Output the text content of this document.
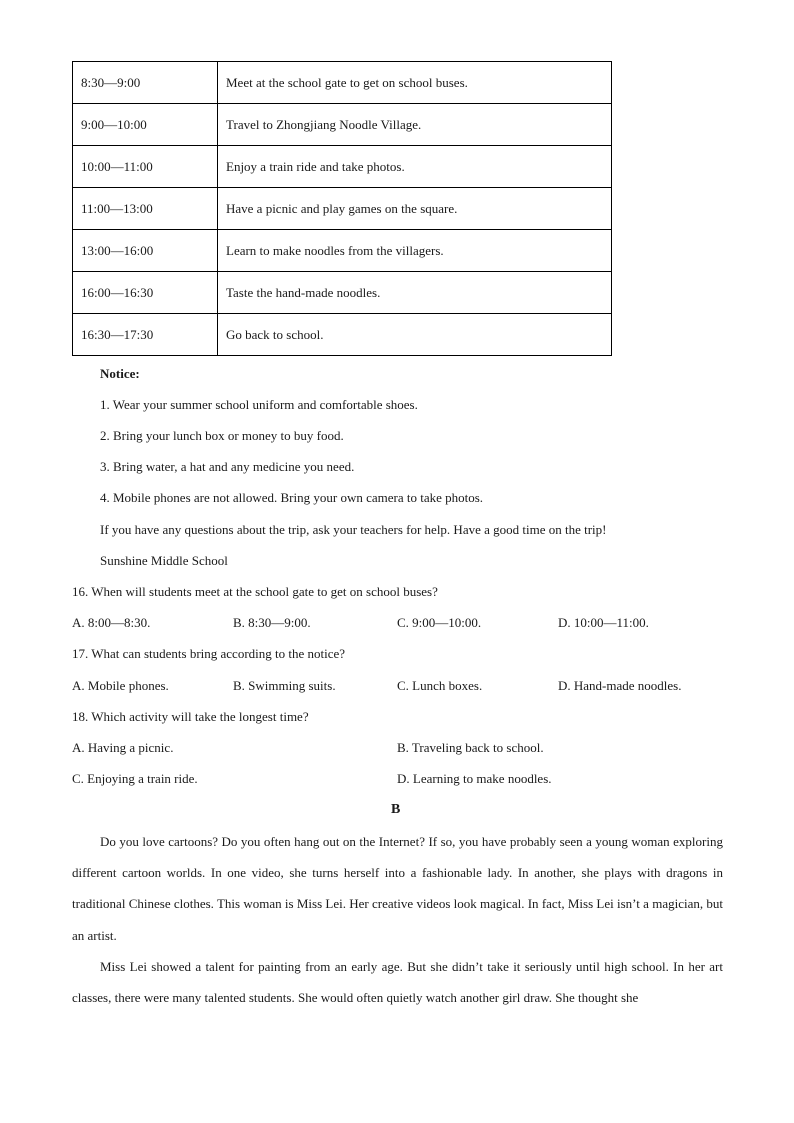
8:30—9:00	Meet at the school gate to get on school buses.
9:00—10:00	Travel to Zhongjiang Noodle Village.
10:00—11:00	Enjoy a train ride and take photos.
11:00—13:00	Have a picnic and play games on the square.
13:00—16:00	Learn to make noodles from the villagers.
16:00—16:30	Taste the hand-made noodles.
16:30—17:30	Go back to school.
Notice:
1. Wear your summer school uniform and comfortable shoes.
2. Bring your lunch box or money to buy food.
3. Bring water, a hat and any medicine you need.
4. Mobile phones are not allowed. Bring your own camera to take photos.
If you have any questions about the trip, ask your teachers for help. Have a good time on the trip!
Sunshine Middle School
16. When will students meet at the school gate to get on school buses?
A. 8:00—8:30.	B. 8:30—9:00.	C. 9:00—10:00.	D. 10:00—11:00.
17. What can students bring according to the notice?
A. Mobile phones.	B. Swimming suits.	C. Lunch boxes.	D. Hand-made noodles.
18. Which activity will take the longest time?
A. Having a picnic.	B. Traveling back to school.
C. Enjoying a train ride.	D. Learning to make noodles.
B
Do you love cartoons? Do you often hang out on the Internet? If so, you have probably seen a young woman exploring different cartoon worlds. In one video, she turns herself into a fashionable lady. In another, she plays with dragons in traditional Chinese clothes. This woman is Miss Lei. Her creative videos look magical. In fact, Miss Lei isn’t a magician, but an artist.
Miss Lei showed a talent for painting from an early age. But she didn’t take it seriously until high school. In her art classes, there were many talented students. She would often quietly watch another girl draw. She thought she
